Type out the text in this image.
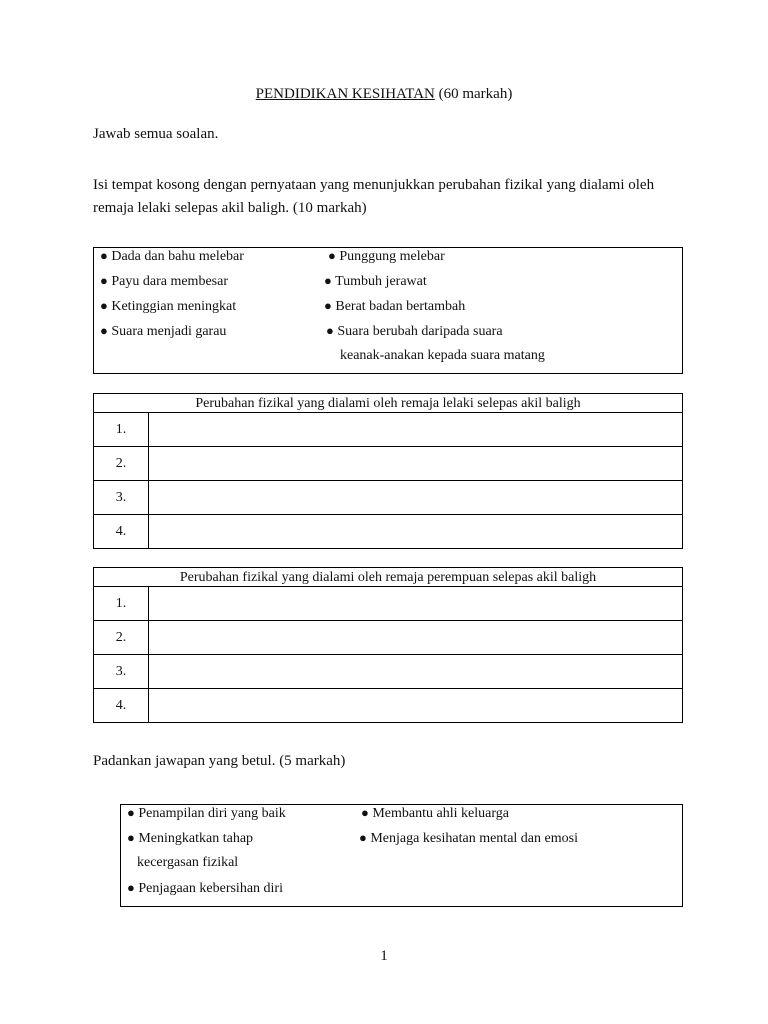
PENDIDIKAN KESIHATAN (60 markah)
Jawab semua soalan.
Isi tempat kosong dengan pernyataan yang menunjukkan perubahan fizikal yang dialami oleh
remaja lelaki selepas akil baligh. (10 markah)
● Dada dan bahu melebar
● Payu dara membesar
● Ketinggian meningkat
● Suara menjadi garau
● Punggung melebar
● Tumbuh jerawat
● Berat badan bertambah
● Suara berubah daripada suara
keanak-anakan kepada suara matang
Perubahan fizikal yang dialami oleh remaja lelaki selepas akil baligh	
1.	
2.	
3.	
4.	
Perubahan fizikal yang dialami oleh remaja perempuan selepas akil baligh	
1.	
2.	
3.	
4.	
Padankan jawapan yang betul. (5 markah)
● Penampilan diri yang baik
● Meningkatkan tahap
kecergasan fizikal
● Penjagaan kebersihan diri
● Membantu ahli keluarga
● Menjaga kesihatan mental dan emosi
1
